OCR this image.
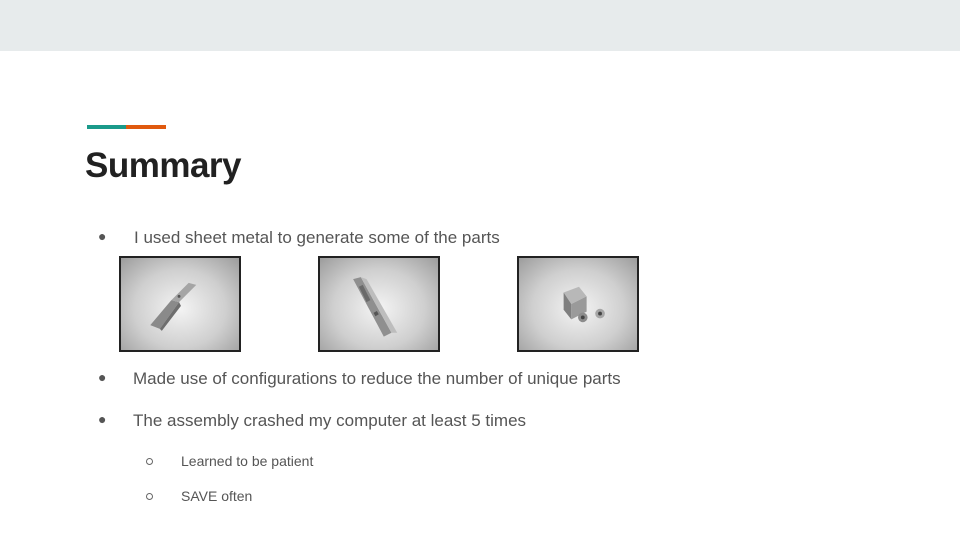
Summary
● I used sheet metal to generate some of the parts
● Made use of configurations to reduce the number of unique parts
● The assembly crashed my computer at least 5 times
Learned to be patient
SAVE often
